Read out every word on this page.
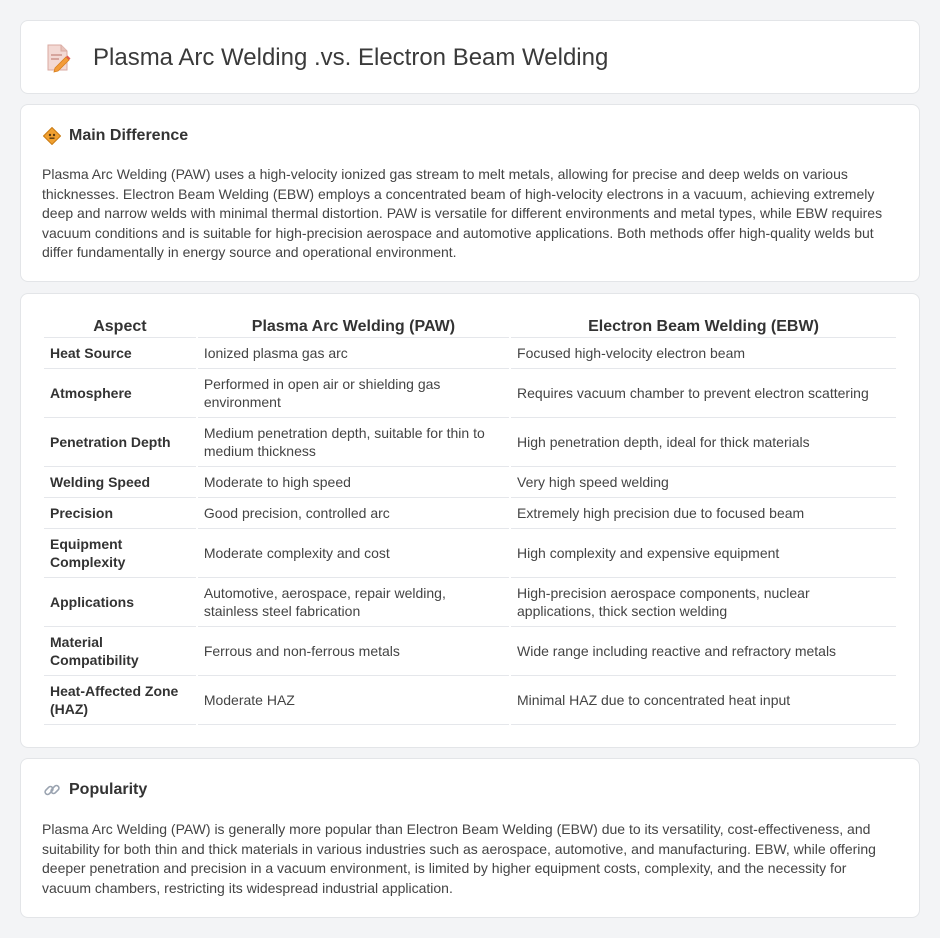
Plasma Arc Welding .vs. Electron Beam Welding
Main Difference

Plasma Arc Welding (PAW) uses a high-velocity ionized gas stream to melt metals, allowing for precise and deep welds on various thicknesses. Electron Beam Welding (EBW) employs a concentrated beam of high-velocity electrons in a vacuum, achieving extremely deep and narrow welds with minimal thermal distortion. PAW is versatile for different environments and metal types, while EBW requires vacuum conditions and is suitable for high-precision aerospace and automotive applications. Both methods offer high-quality welds but differ fundamentally in energy source and operational environment.

Aspect	Plasma Arc Welding (PAW)	Electron Beam Welding (EBW)
Heat Source	Ionized plasma gas arc	Focused high-velocity electron beam
Atmosphere	Performed in open air or shielding gas environment	Requires vacuum chamber to prevent electron scattering
Penetration Depth	Medium penetration depth, suitable for thin to medium thickness	High penetration depth, ideal for thick materials
Welding Speed	Moderate to high speed	Very high speed welding
Precision	Good precision, controlled arc	Extremely high precision due to focused beam
Equipment Complexity	Moderate complexity and cost	High complexity and expensive equipment
Applications	Automotive, aerospace, repair welding, stainless steel fabrication	High-precision aerospace components, nuclear applications, thick section welding
Material Compatibility	Ferrous and non-ferrous metals	Wide range including reactive and refractory metals
Heat-Affected Zone (HAZ)	Moderate HAZ	Minimal HAZ due to concentrated heat input
Popularity

Plasma Arc Welding (PAW) is generally more popular than Electron Beam Welding (EBW) due to its versatility, cost-effectiveness, and suitability for both thin and thick materials in various industries such as aerospace, automotive, and manufacturing. EBW, while offering deeper penetration and precision in a vacuum environment, is limited by higher equipment costs, complexity, and the necessity for vacuum chambers, restricting its widespread industrial application.
